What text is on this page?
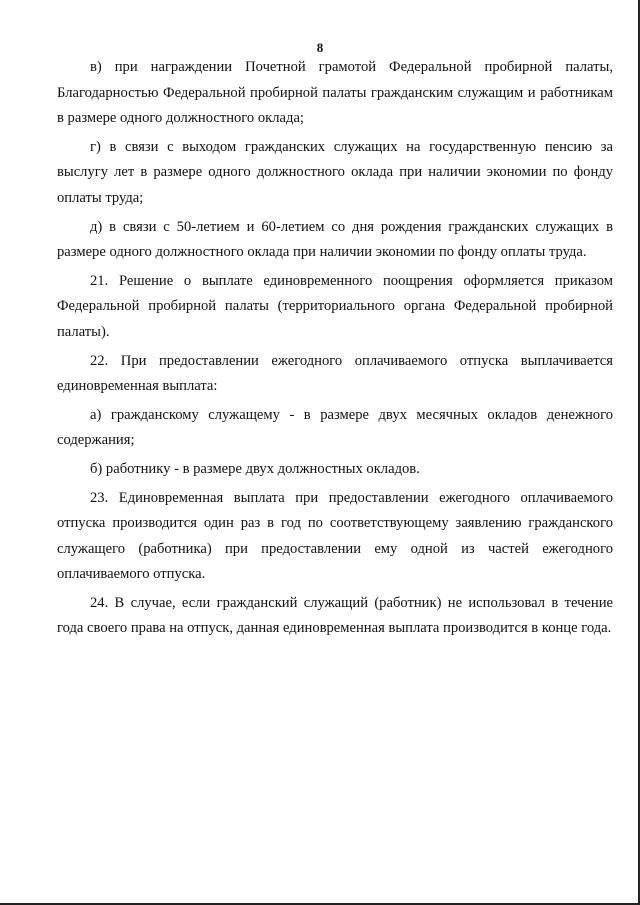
8

в) при награждении Почетной грамотой Федеральной пробирной палаты, Благодарностью Федеральной пробирной палаты гражданским служащим и работникам в размере одного должностного оклада;

г) в связи с выходом гражданских служащих на государственную пенсию за выслугу лет в размере одного должностного оклада при наличии экономии по фонду оплаты труда;

д) в связи с 50-летием и 60-летием со дня рождения гражданских служащих в размере одного должностного оклада при наличии экономии по фонду оплаты труда.

21. Решение о выплате единовременного поощрения оформляется приказом Федеральной пробирной палаты (территориального органа Федеральной пробирной палаты).

22. При предоставлении ежегодного оплачиваемого отпуска выплачивается единовременная выплата:

а) гражданскому служащему - в размере двух месячных окладов денежного содержания;

б) работнику - в размере двух должностных окладов.

23. Единовременная выплата при предоставлении ежегодного оплачиваемого отпуска производится один раз в год по соответствующему заявлению гражданского служащего (работника) при предоставлении ему одной из частей ежегодного оплачиваемого отпуска.

24. В случае, если гражданский служащий (работник) не использовал в течение года своего права на отпуск, данная единовременная выплата производится в конце года.
